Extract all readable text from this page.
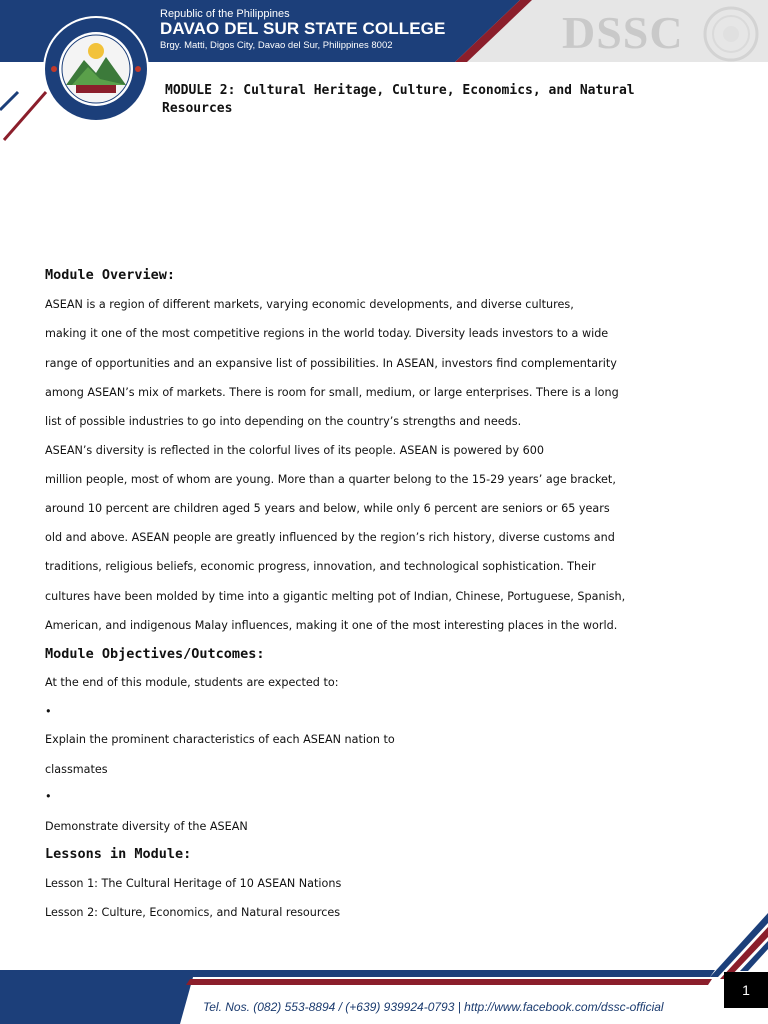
Republic of the Philippines
DAVAO DEL SUR STATE COLLEGE
Brgy. Matti, Digos City, Davao del Sur, Philippines 8002	DSSC
MODULE 2: Cultural Heritage, Culture, Economics, and Natural
Resources
Module Overview:
ASEAN is a region of different markets, varying economic developments, and diverse cultures,
making it one of the most competitive regions in the world today. Diversity leads investors to a wide
range of opportunities and an expansive list of possibilities. In ASEAN, investors find complementarity
among ASEAN’s mix of markets. There is room for small, medium, or large enterprises. There is a long
list of possible industries to go into depending on the country’s strengths and needs.
ASEAN’s diversity is reflected in the colorful lives of its people. ASEAN is powered by 600
million people, most of whom are young. More than a quarter belong to the 15-29 years’ age bracket,
around 10 percent are children aged 5 years and below, while only 6 percent are seniors or 65 years
old and above. ASEAN people are greatly influenced by the region’s rich history, diverse customs and
traditions, religious beliefs, economic progress, innovation, and technological sophistication. Their
cultures have been molded by time into a gigantic melting pot of Indian, Chinese, Portuguese, Spanish,
American, and indigenous Malay influences, making it one of the most interesting places in the world.
Module Objectives/Outcomes:
At the end of this module, students are expected to:
•
Explain the prominent characteristics of each ASEAN nation to
classmates
•
Demonstrate diversity of the ASEAN
Lessons in Module:
Lesson 1: The Cultural Heritage of 10 ASEAN Nations
Lesson 2: Culture, Economics, and Natural resources
Tel. Nos. (082) 553-8894 / (+639) 939924-0793 | http://www.facebook.com/dssc-official
1
